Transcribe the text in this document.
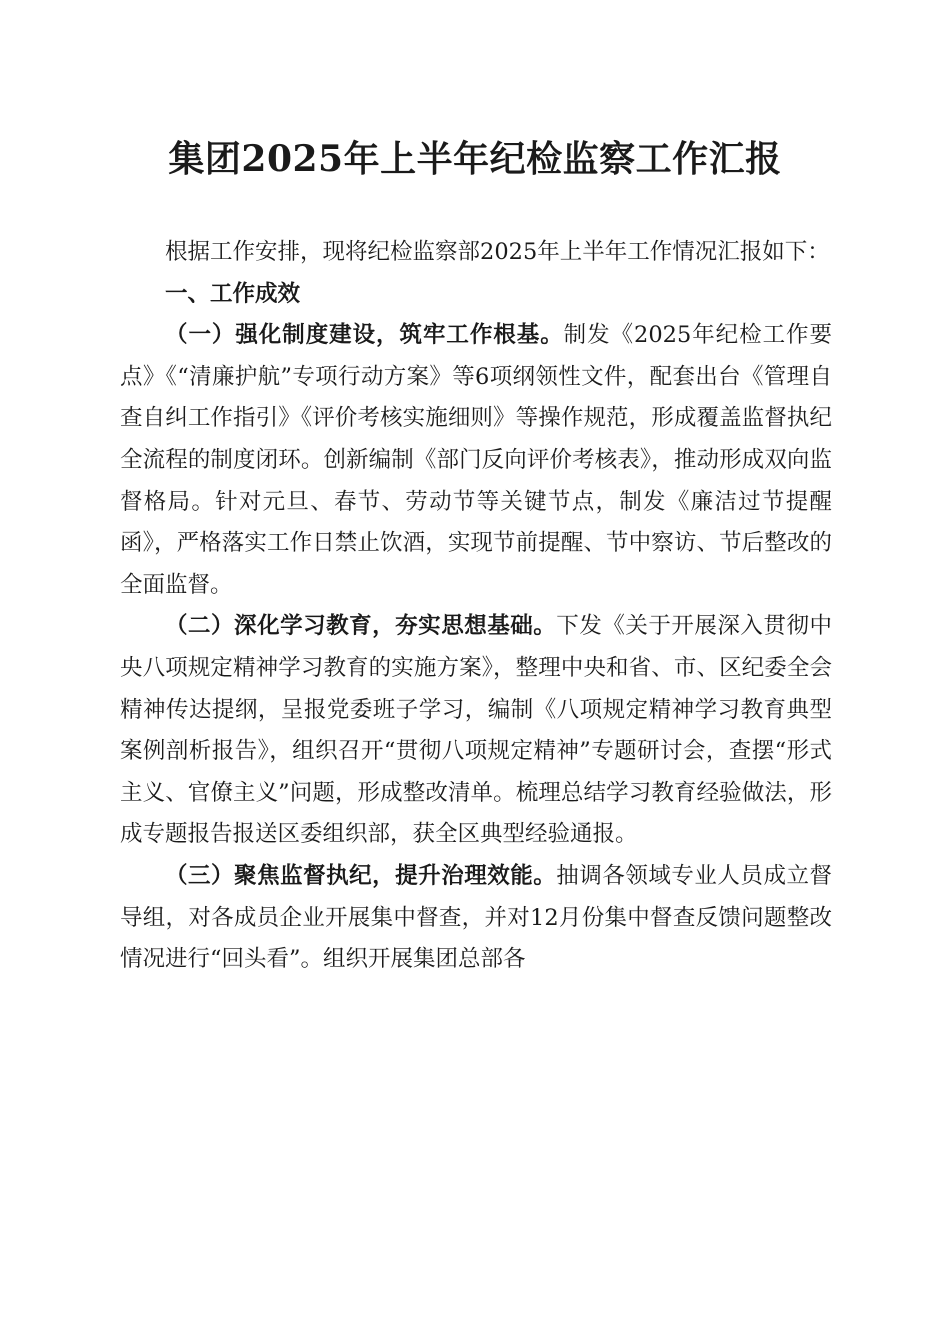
集团2025年上半年纪检监察工作汇报

根据工作安排，现将纪检监察部2025年上半年工作情况汇报如下：

一、工作成效

（一）强化制度建设，筑牢工作根基。制发《2025年纪检工作要点》《“清廉护航”专项行动方案》等6项纲领性文件，配套出台《管理自查自纠工作指引》《评价考核实施细则》等操作规范，形成覆盖监督执纪全流程的制度闭环。创新编制《部门反向评价考核表》，推动形成双向监督格局。针对元旦、春节、劳动节等关键节点，制发《廉洁过节提醒函》，严格落实工作日禁止饮酒，实现节前提醒、节中察访、节后整改的全面监督。

（二）深化学习教育，夯实思想基础。下发《关于开展深入贯彻中央八项规定精神学习教育的实施方案》，整理中央和省、市、区纪委全会精神传达提纲，呈报党委班子学习，编制《八项规定精神学习教育典型案例剖析报告》，组织召开“贯彻八项规定精神”专题研讨会，查摆“形式主义、官僚主义”问题，形成整改清单。梳理总结学习教育经验做法，形成专题报告报送区委组织部，获全区典型经验通报。

（三）聚焦监督执纪，提升治理效能。抽调各领域专业人员成立督导组，对各成员企业开展集中督查，并对12月份集中督查反馈问题整改情况进行“回头看”。组织开展集团总部各
